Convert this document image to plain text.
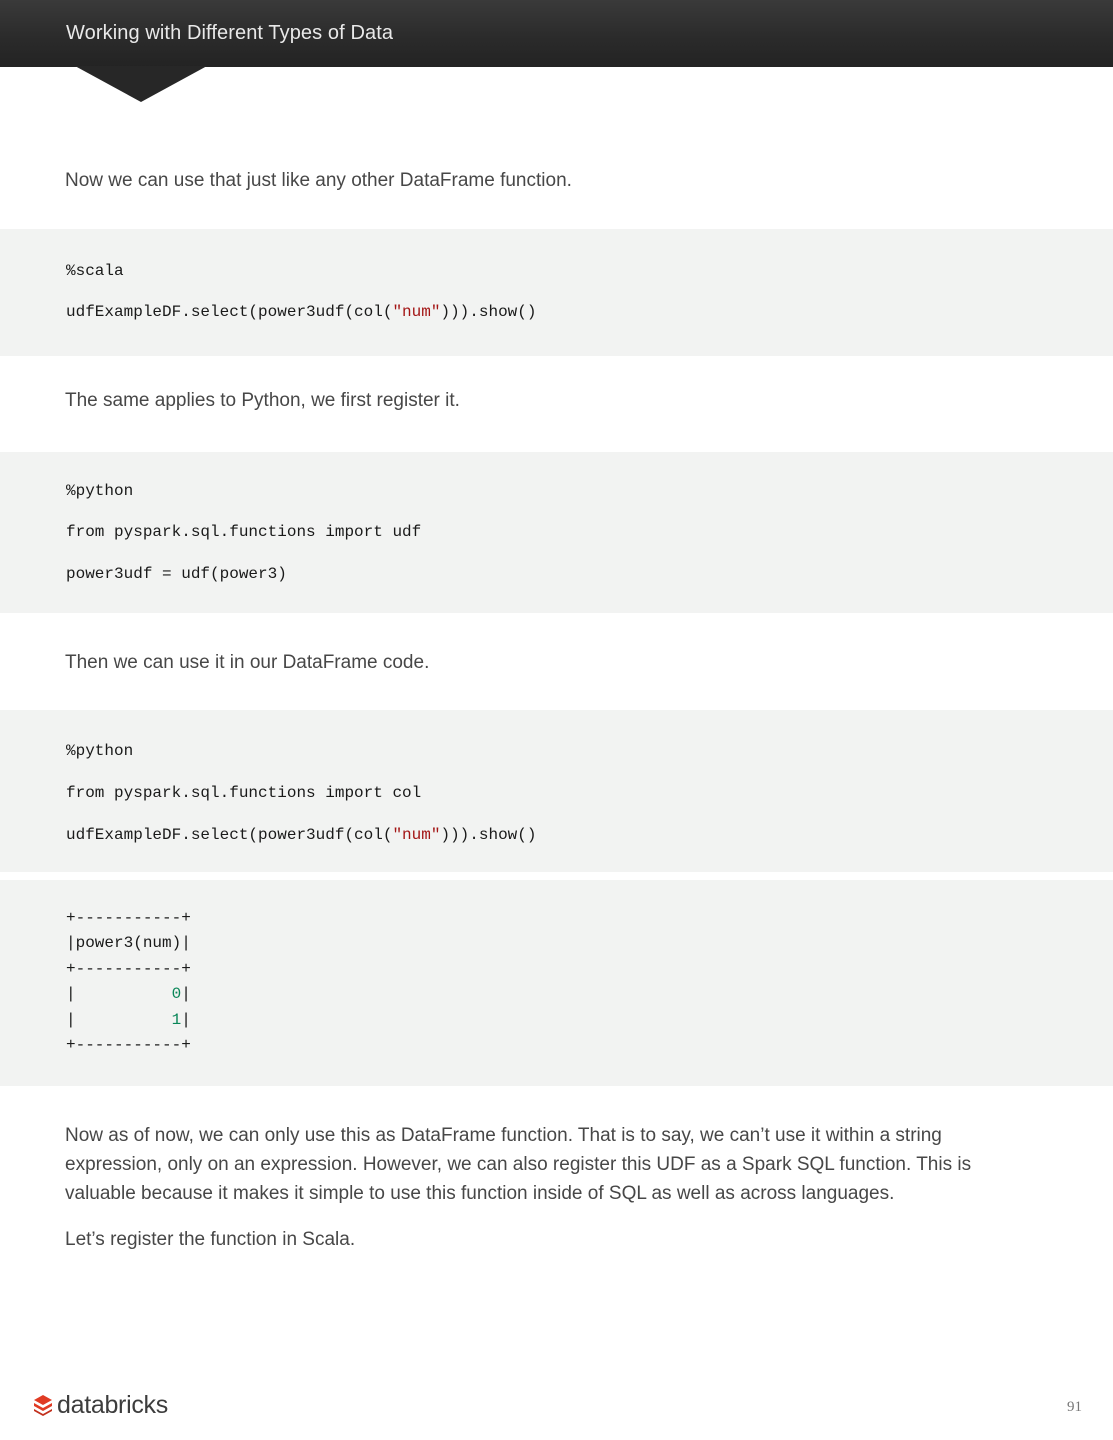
Working with Different Types of Data

Now we can use that just like any other DataFrame function.

%scala
udfExampleDF.select(power3udf(col("num"))).show()

The same applies to Python, we first register it.

%python
from pyspark.sql.functions import udf
power3udf = udf(power3)

Then we can use it in our DataFrame code.

%python
from pyspark.sql.functions import col
udfExampleDF.select(power3udf(col("num"))).show()
+-----------+
|power3(num)|
+-----------+
|          0|
|          1|
+-----------+

Now as of now, we can only use this as DataFrame function. That is to say, we can’t use it within a string expression, only on an expression. However, we can also register this UDF as a Spark SQL function. This is valuable because it makes it simple to use this function inside of SQL as well as across languages.

Let’s register the function in Scala.

databricks	91
